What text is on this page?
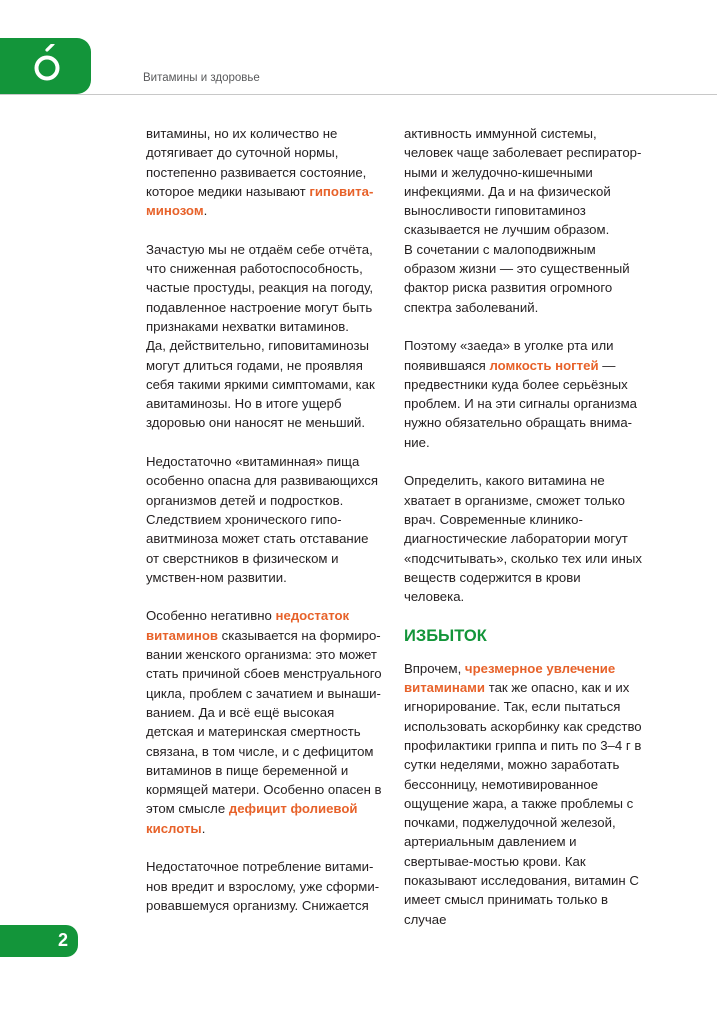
Витамины и здоровье

витамины, но их количество не дотягивает до суточной нормы, постепенно развивается состояние, которое медики называют гиповита-минозом.

Зачастую мы не отдаём себе отчёта, что сниженная работоспособность, частые простуды, реакция на погоду, подавленное настроение могут быть признаками нехватки витаминов.

Да, действительно, гиповитаминозы могут длиться годами, не проявляя себя такими яркими симптомами, как авитаминозы. Но в итоге ущерб здоровью они наносят не меньший.

Недостаточно «витаминная» пища особенно опасна для развивающихся организмов детей и подростков. Следствием хронического гипо-авитминоза может стать отставание от сверстников в физическом и умствен-ном развитии.

Особенно негативно недостаток витаминов сказывается на формиро-вании женского организма: это может стать причиной сбоев менструального цикла, проблем с зачатием и вынаши-ванием. Да и всё ещё высокая детская и материнская смертность связана, в том числе, и с дефицитом витаминов в пище беременной и кормящей матери. Особенно опасен в этом смысле дефицит фолиевой кислоты.

Недостаточное потребление витами-нов вредит и взрослому, уже сформи-ровавшемуся организму. Снижается

активность иммунной системы, человек чаще заболевает респиратор-ными и желудочно-кишечными инфекциями. Да и на физической выносливости гиповитаминоз сказывается не лучшим образом.

В сочетании с малоподвижным образом жизни — это существенный фактор риска развития огромного спектра заболеваний.

Поэтому «заеда» в уголке рта или появившаяся ломкость ногтей — предвестники куда более серьёзных проблем. И на эти сигналы организма нужно обязательно обращать внима-ние.

Определить, какого витамина не хватает в организме, сможет только врач. Современные клинико-диагностические лаборатории могут «подсчитывать», сколько тех или иных веществ содержится в крови человека.

ИЗБЫТОК

Впрочем, чрезмерное увлечение витаминами так же опасно, как и их игнорирование. Так, если пытаться использовать аскорбинку как средство профилактики гриппа и пить по 3–4 г в сутки неделями, можно заработать бессонницу, немотивированное ощущение жара, а также проблемы с почками, поджелудочной железой, артериальным давлением и свертывае-мостью крови. Как показывают исследования, витамин С имеет смысл принимать только в случае

2
